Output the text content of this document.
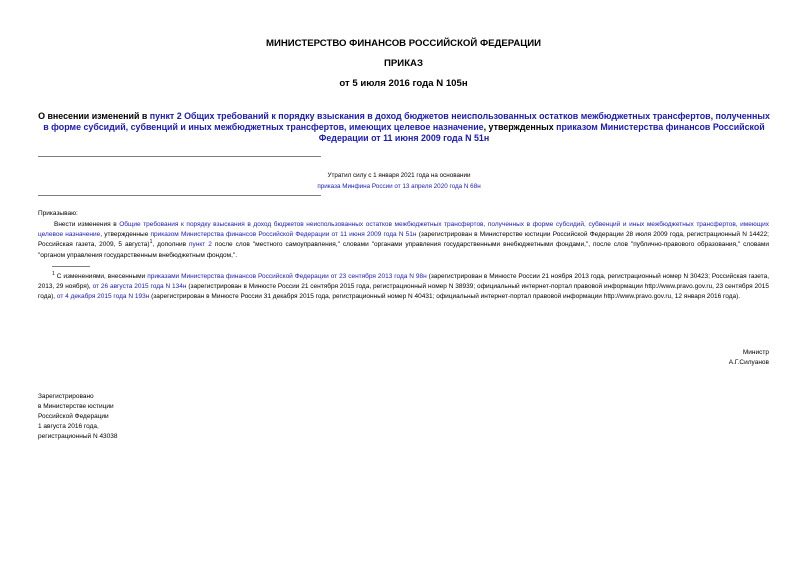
МИНИСТЕРСТВО ФИНАНСОВ РОССИЙСКОЙ ФЕДЕРАЦИИ

ПРИКАЗ

от 5 июля 2016 года N 105н

О внесении изменений в пункт 2 Общих требований к порядку взыскания в доход бюджетов неиспользованных остатков межбюджетных трансфертов, полученных в форме субсидий, субвенций и иных межбюджетных трансфертов, имеющих целевое назначение, утвержденных приказом Министерства финансов Российской Федерации от 11 июня 2009 года N 51н

Утратил силу с 1 января 2021 года на основании
приказа Минфина России от 13 апреля 2020 года N 68н
Приказываю:
Внести изменения в Общие требования к порядку взыскания в доход бюджетов неиспользованных остатков межбюджетных трансфертов, полученных в форме субсидий, субвенций и иных межбюджетных трансфертов, имеющих целевое назначение, утвержденные приказом Министерства финансов Российской Федерации от 11 июня 2009 года N 51н (зарегистрирован в Министерстве юстиции Российской Федерации 28 июля 2009 года, регистрационный N 14422; Российская газета, 2009, 5 августа)$^1$, дополнив пункт 2 после слов "местного самоуправления," словами "органами управления государственными внебюджетными фондами,", после слов "публично-правового образования," словами "органом управления государственным внебюджетным фондом,".
$^1$ С изменениями, внесенными приказами Министерства финансов Российской Федерации от 23 сентября 2013 года N 98н (зарегистрирован в Минюсте России 21 ноября 2013 года, регистрационный номер N 30423; Российская газета, 2013, 29 ноября), от 26 августа 2015 года N 134н (зарегистрирован в Минюсте России 21 сентября 2015 года, регистрационный номер N 38939; официальный интернет-портал правовой информации http://www.pravo.gov.ru, 23 сентября 2015 года), от 4 декабря 2015 года N 193н (зарегистрирован в Минюсте России 31 декабря 2015 года, регистрационный номер N 40431; официальный интернет-портал правовой информации http://www.pravo.gov.ru, 12 января 2016 года).
Министр
А.Г.Силуанов
Зарегистрировано
в Министерстве юстиции
Российской Федерации
1 августа 2016 года,
регистрационный N 43038
